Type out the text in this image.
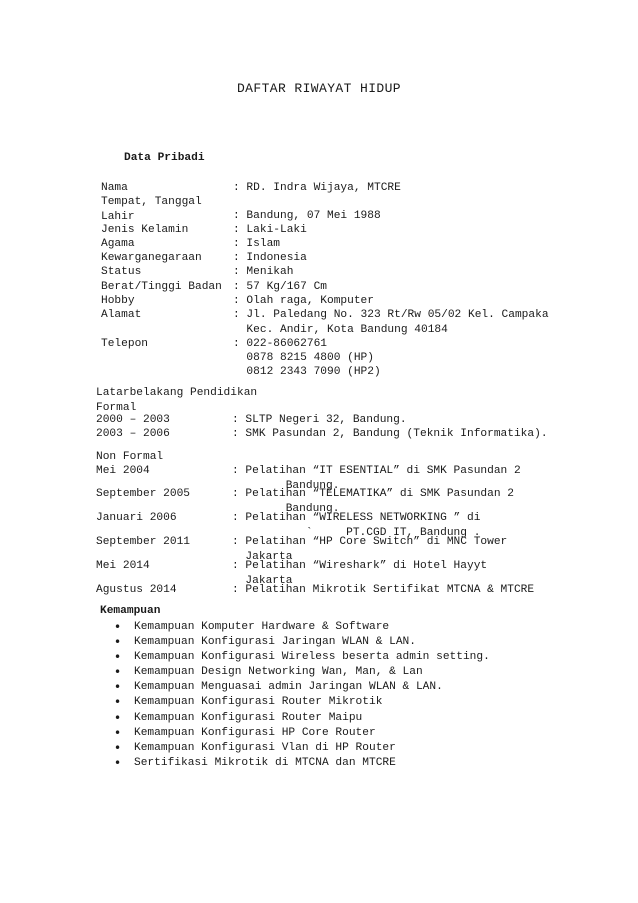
DAFTAR RIWAYAT HIDUP
Data Pribadi
Nama	: RD. Indra Wijaya, MTCRE
Tempat, Tanggal
Lahir	: Bandung, 07 Mei 1988
Jenis Kelamin	: Laki-Laki
Agama	: Islam
Kewarganegaraan	: Indonesia
Status	: Menikah
Berat/Tinggi Badan : 57 Kg/167 Cm
Hobby	: Olah raga, Komputer
Alamat	: Jl. Paledang No. 323 Rt/Rw 05/02 Kel. Campaka
Kec. Andir, Kota Bandung 40184
Telepon	: 022-86062761
0878 8215 4800 (HP)
0812 2343 7090 (HP2)
Latarbelakang Pendidikan
Formal
2000 – 2003	: SLTP Negeri 32, Bandung.
2003 – 2006	: SMK Pasundan 2, Bandung (Teknik Informatika).
Non Formal
Mei 2004	: Pelatihan “IT ESENTIAL” di SMK Pasundan 2
Bandung.
September 2005	: Pelatihan “TELEMATIKA” di SMK Pasundan 2
Bandung.
Januari 2006	: Pelatihan “WIRELESS NETWORKING ” di
`     PT.CGD IT, Bandung .
September 2011	: Pelatihan “HP Core Switch” di MNC Tower
Jakarta
Mei 2014	: Pelatihan “Wireshark” di Hotel Hayyt
Jakarta
Agustus 2014	: Pelatihan Mikrotik Sertifikat MTCNA & MTCRE
Kemampuan
• Kemampuan Komputer Hardware & Software
• Kemampuan Konfigurasi Jaringan WLAN & LAN.
• Kemampuan Konfigurasi Wireless beserta admin setting.
• Kemampuan Design Networking Wan, Man, & Lan
• Kemampuan Menguasai admin Jaringan WLAN & LAN.
• Kemampuan Konfigurasi Router Mikrotik
• Kemampuan Konfigurasi Router Maipu
• Kemampuan Konfigurasi HP Core Router
• Kemampuan Konfigurasi Vlan di HP Router
• Sertifikasi Mikrotik di MTCNA dan MTCRE
